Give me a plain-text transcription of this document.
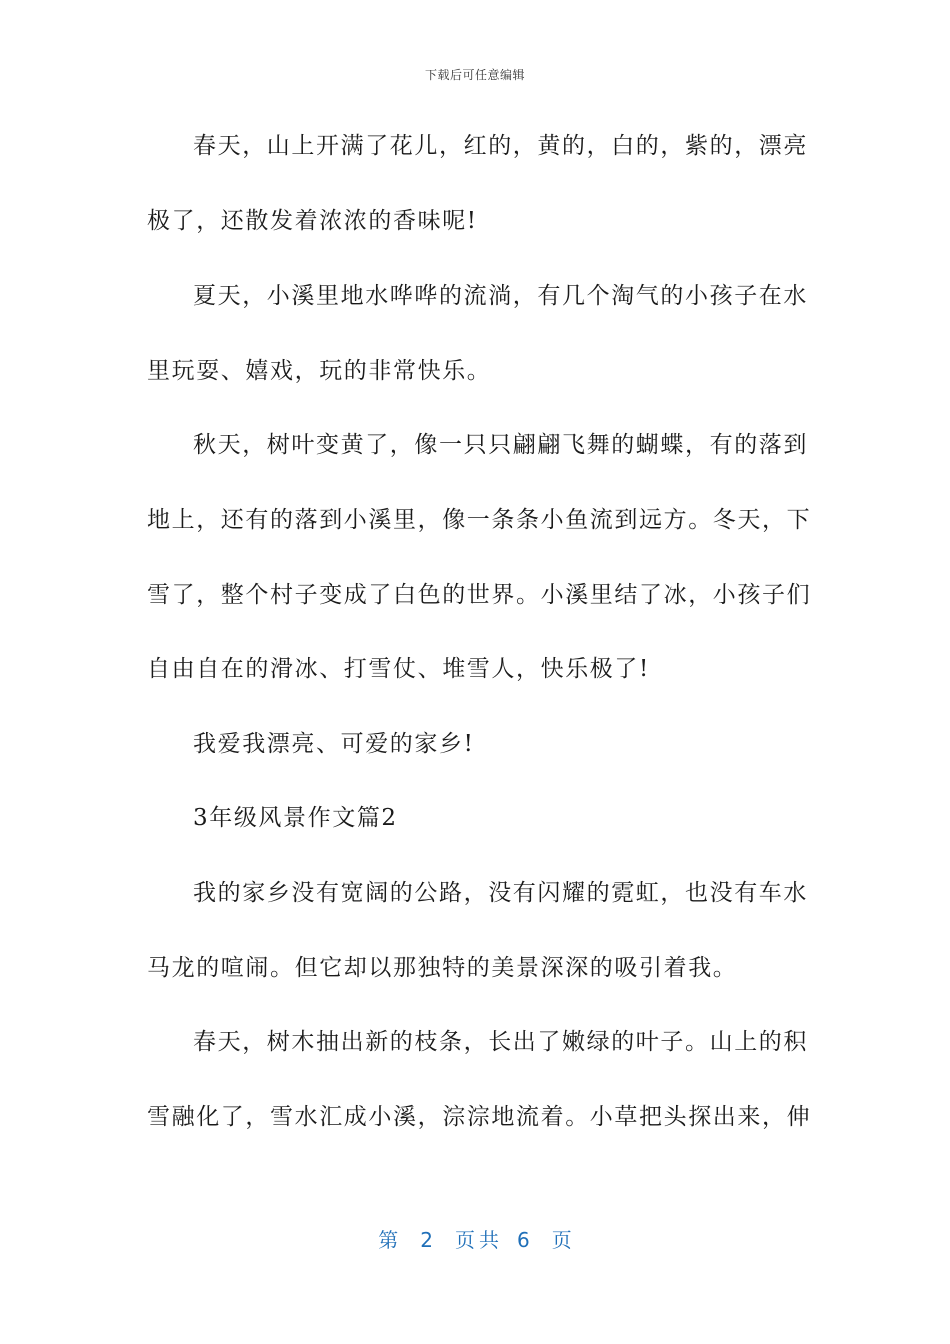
下载后可任意编辑
春天，山上开满了花儿，红的，黄的，白的，紫的，漂亮
极了，还散发着浓浓的香味呢!
夏天，小溪里地水哗哗的流淌，有几个淘气的小孩子在水
里玩耍、嬉戏，玩的非常快乐。
秋天，树叶变黄了，像一只只翩翩飞舞的蝴蝶，有的落到
地上，还有的落到小溪里，像一条条小鱼流到远方。冬天，下
雪了，整个村子变成了白色的世界。小溪里结了冰，小孩子们
自由自在的滑冰、打雪仗、堆雪人，快乐极了!
我爱我漂亮、可爱的家乡!
3年级风景作文篇2
我的家乡没有宽阔的公路，没有闪耀的霓虹，也没有车水
马龙的喧闹。但它却以那独特的美景深深的吸引着我。
春天，树木抽出新的枝条，长出了嫩绿的叶子。山上的积
雪融化了，雪水汇成小溪，淙淙地流着。小草把头探出来，伸
第 2 页共 6 页
